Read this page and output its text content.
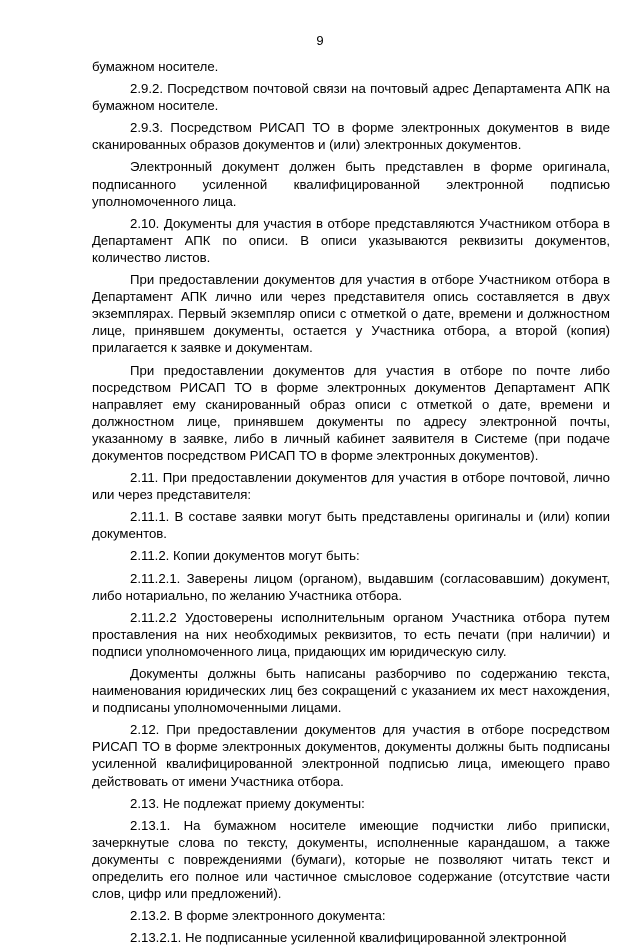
9

бумажном носителе.

2.9.2. Посредством почтовой связи на почтовый адрес Департамента АПК на бумажном носителе.

2.9.3. Посредством РИСАП ТО в форме электронных документов в виде сканированных образов документов и (или) электронных документов.

Электронный документ должен быть представлен в форме оригинала, подписанного усиленной квалифицированной электронной подписью уполномоченного лица.

2.10. Документы для участия в отборе представляются Участником отбора в Департамент АПК по описи. В описи указываются реквизиты документов, количество листов.

При предоставлении документов для участия в отборе Участником отбора в Департамент АПК лично или через представителя опись составляется в двух экземплярах. Первый экземпляр описи с отметкой о дате, времени и должностном лице, принявшем документы, остается у Участника отбора, а второй (копия) прилагается к заявке и документам.

При предоставлении документов для участия в отборе по почте либо посредством РИСАП ТО в форме электронных документов Департамент АПК направляет ему сканированный образ описи с отметкой о дате, времени и должностном лице, принявшем документы по адресу электронной почты, указанному в заявке, либо в личный кабинет заявителя в Системе (при подаче документов посредством РИСАП ТО в форме электронных документов).

2.11. При предоставлении документов для участия в отборе почтовой, лично или через представителя:

2.11.1. В составе заявки могут быть представлены оригиналы и (или) копии документов.

2.11.2. Копии документов могут быть:

2.11.2.1. Заверены лицом (органом), выдавшим (согласовавшим) документ, либо нотариально, по желанию Участника отбора.

2.11.2.2 Удостоверены исполнительным органом Участника отбора путем проставления на них необходимых реквизитов, то есть печати (при наличии) и подписи уполномоченного лица, придающих им юридическую силу.

Документы должны быть написаны разборчиво по содержанию текста, наименования юридических лиц без сокращений с указанием их мест нахождения, и подписаны уполномоченными лицами.

2.12. При предоставлении документов для участия в отборе посредством РИСАП ТО в форме электронных документов, документы должны быть подписаны усиленной квалифицированной электронной подписью лица, имеющего право действовать от имени Участника отбора.

2.13. Не подлежат приему документы:

2.13.1. На бумажном носителе имеющие подчистки либо приписки, зачеркнутые слова по тексту, документы, исполненные карандашом, а также документы с повреждениями (бумаги), которые не позволяют читать текст и определить его полное или частичное смысловое содержание (отсутствие части слов, цифр или предложений).

2.13.2. В форме электронного документа:

2.13.2.1. Не подписанные усиленной квалифицированной электронной
